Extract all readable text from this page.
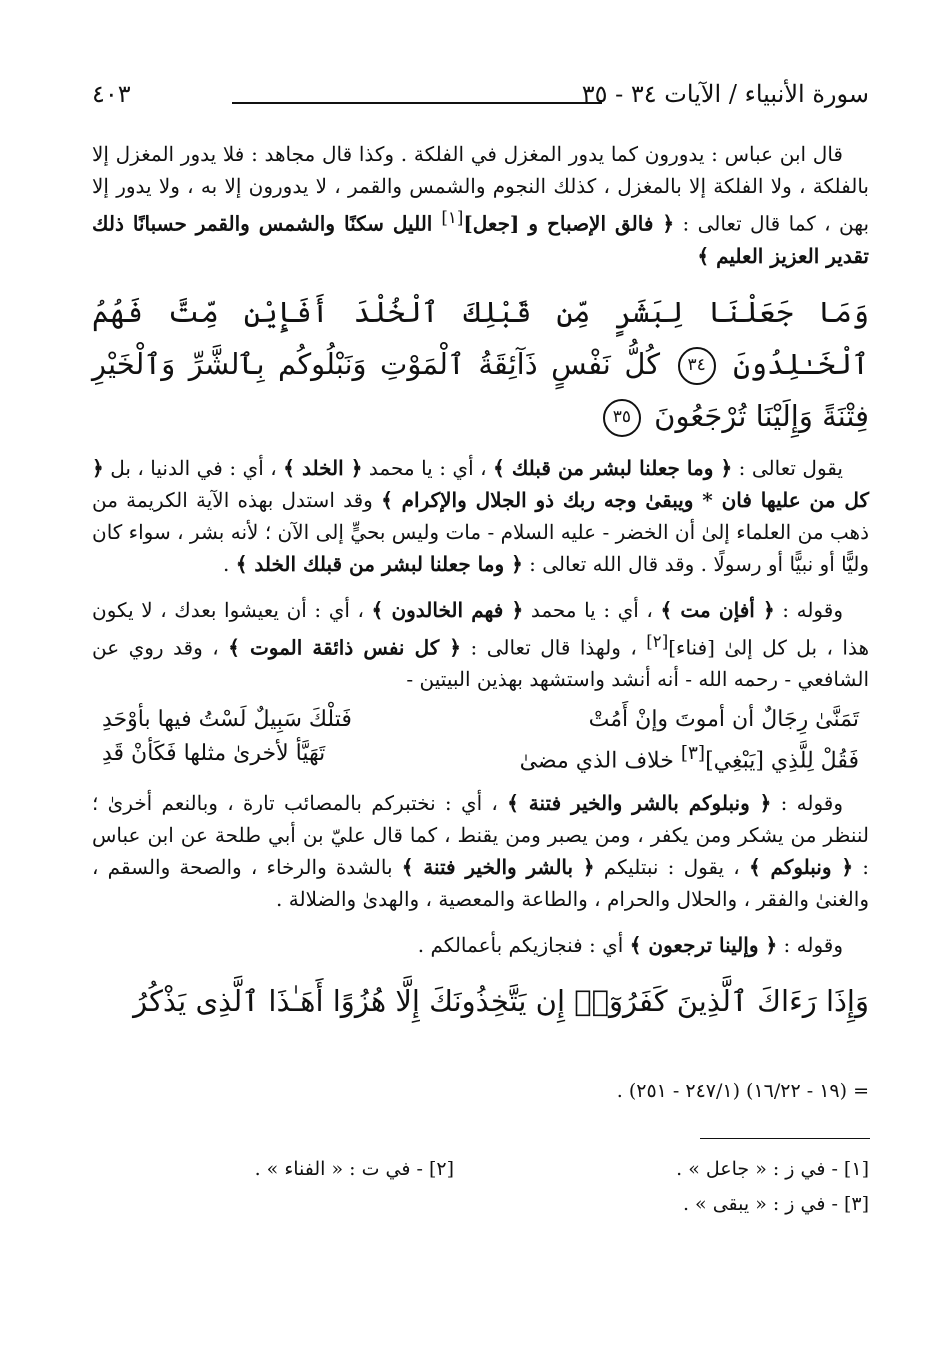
سورة الأنبياء / الآيات ٣٤ - ٣٥
٤٠٣

قال ابن عباس : يدورون كما يدور المغزل في الفلكة . وكذا قال مجاهد : فلا يدور المغزل إلا بالفلكة ، ولا الفلكة إلا بالمغزل ، كذلك النجوم والشمس والقمر ، لا يدورون إلا به ، ولا يدور إلا بهن ، كما قال تعالى : ﴿ فالق الإصباح و [جعل][١] الليل سكنًا والشمس والقمر حسبانًا ذلك تقدير العزيز العليم ﴾

وَمَا جَعَلْنَا لِبَشَرٍ مِّن قَبْلِكَ ٱلْخُلْدَ أَفَإِيْن مِّتَّ فَهُمُ ٱلْخَـٰلِدُونَ ٣٤ كُلُّ نَفْسٍ ذَآئِقَةُ ٱلْمَوْتِ وَنَبْلُوكُم بِٱلشَّرِّ وَٱلْخَيْرِ فِتْنَةً وَإِلَيْنَا تُرْجَعُونَ ٣٥

يقول تعالى : ﴿ وما جعلنا لبشر من قبلك ﴾ ، أي : يا محمد ﴿ الخلد ﴾ ، أي : في الدنيا ، بل ﴿ كل من عليها فان * ويبقىٰ وجه ربك ذو الجلال والإكرام ﴾ وقد استدل بهذه الآية الكريمة من ذهب من العلماء إلىٰ أن الخضر - عليه السلام - مات وليس بحيٍّ إلى الآن ؛ لأنه بشر ، سواء كان وليًّا أو نبيًّا أو رسولًا . وقد قال الله تعالى : ﴿ وما جعلنا لبشر من قبلك الخلد ﴾ .

وقوله : ﴿ أفإن مت ﴾ ، أي : يا محمد ﴿ فهم الخالدون ﴾ ، أي : أن يعيشوا بعدك ، لا يكون هذا ، بل كل إلىٰ [فناء][٢] ، ولهذا قال تعالى : ﴿ كل نفس ذائقة الموت ﴾ ، وقد روي عن الشافعي - رحمه الله - أنه أنشد واستشهد بهذين البيتين -

تَمَنَّىٰ رِجَالٌ أن أموتَ وإنْ أَمُتْ
فَتلْكَ سَبِيلٌ لَسْتُ فيها بأوْحَدِ
فَقُلْ لِلَّذِي [يَبْغِي][٣] خلاف الذي مضىٰ
تَهَيَّأ لأخرىٰ مثلها فَكَأنْ قَدِ

وقوله : ﴿ ونبلوكم بالشر والخير فتنة ﴾ ، أي : نختبركم بالمصائب تارة ، وبالنعم أخرىٰ ؛ لننظر من يشكر ومن يكفر ، ومن يصبر ومن يقنط ، كما قال عليّ بن أبي طلحة عن ابن عباس : ﴿ ونبلوكم ﴾ ، يقول : نبتليكم ﴿ بالشر والخير فتنة ﴾ بالشدة والرخاء ، والصحة والسقم ، والغنىٰ والفقر ، والحلال والحرام ، والطاعة والمعصية ، والهدىٰ والضلالة .

وقوله : ﴿ وإلينا ترجعون ﴾ أي : فنجازيكم بأعمالكم .

وَإِذَا رَءَاكَ ٱلَّذِينَ كَفَرُوٓا۟ إِن يَتَّخِذُونَكَ إِلَّا هُزُوًا أَهَـٰذَا ٱلَّذِى يَذْكُرُ

= (١٩ - ١٦/٢٢) (٢٤٧/١ - ٢٥١) .
[١] - في ز : « جاعل » .
[٢] - في ت : « الفناء » .
[٣] - في ز : « يبقى » .
